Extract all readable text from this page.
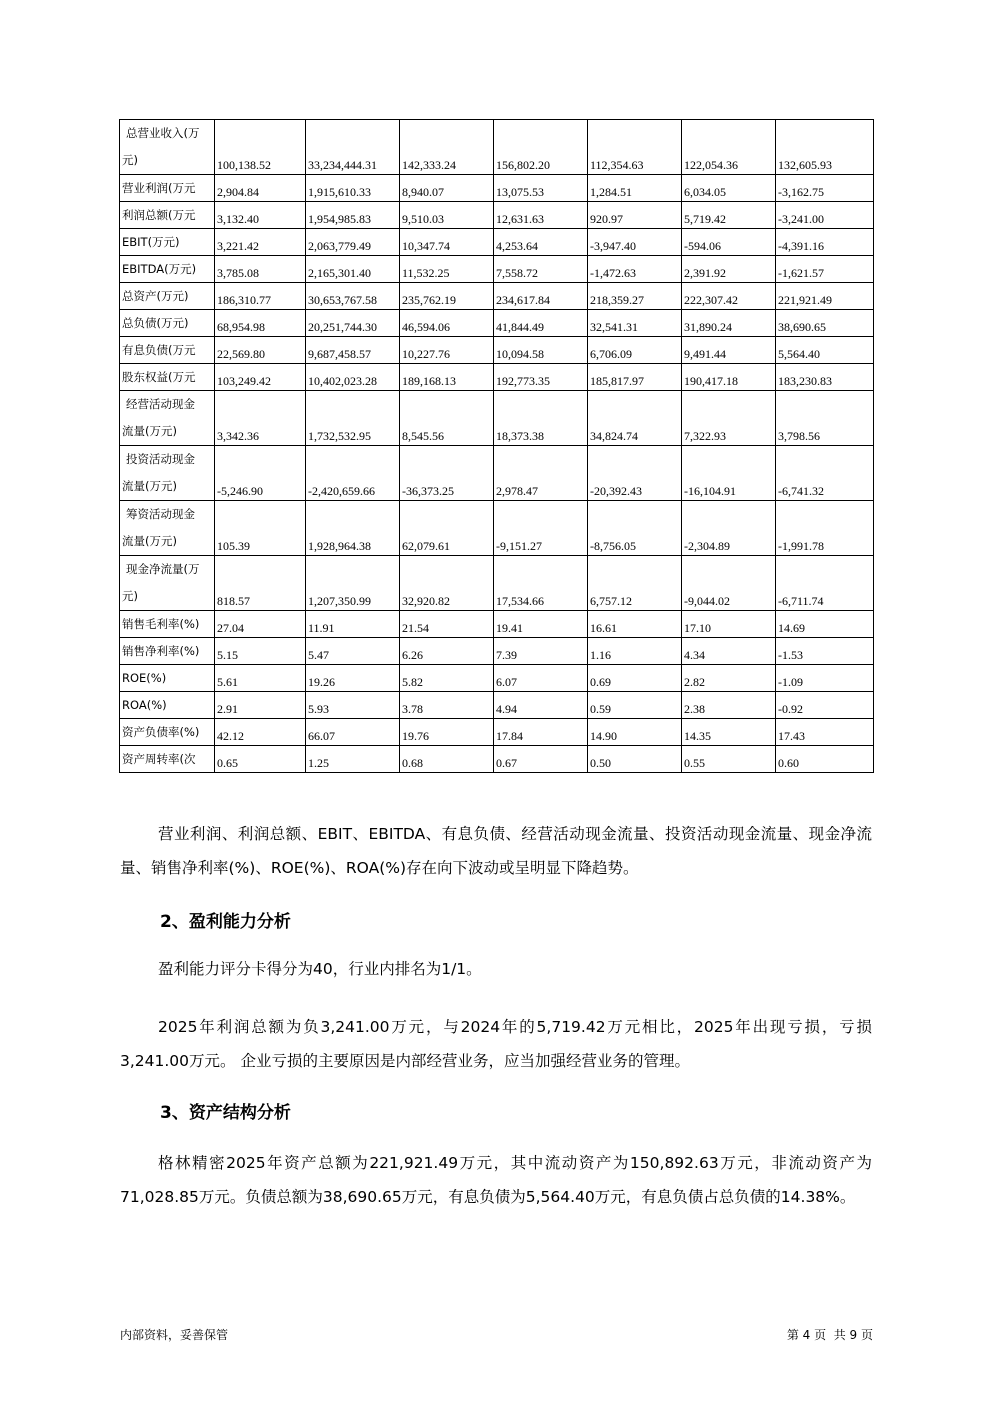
总营业收入(万
元)	100,138.52	33,234,444.31	142,333.24	156,802.20	112,354.63	122,054.36	132,605.93

营业利润(万元	2,904.84	1,915,610.33	8,940.07	13,075.53	1,284.51	6,034.05	-3,162.75

利润总额(万元	3,132.40	1,954,985.83	9,510.03	12,631.63	920.97	5,719.42	-3,241.00

EBIT(万元)	3,221.42	2,063,779.49	10,347.74	4,253.64	-3,947.40	-594.06	-4,391.16

EBITDA(万元)	3,785.08	2,165,301.40	11,532.25	7,558.72	-1,472.63	2,391.92	-1,621.57

总资产(万元)	186,310.77	30,653,767.58	235,762.19	234,617.84	218,359.27	222,307.42	221,921.49

总负债(万元)	68,954.98	20,251,744.30	46,594.06	41,844.49	32,541.31	31,890.24	38,690.65

有息负债(万元	22,569.80	9,687,458.57	10,227.76	10,094.58	6,706.09	9,491.44	5,564.40

股东权益(万元	103,249.42	10,402,023.28	189,168.13	192,773.35	185,817.97	190,417.18	183,230.83

经营活动现金
流量(万元)	3,342.36	1,732,532.95	8,545.56	18,373.38	34,824.74	7,322.93	3,798.56

投资活动现金
流量(万元)	-5,246.90	-2,420,659.66	-36,373.25	2,978.47	-20,392.43	-16,104.91	-6,741.32

筹资活动现金
流量(万元)	105.39	1,928,964.38	62,079.61	-9,151.27	-8,756.05	-2,304.89	-1,991.78

现金净流量(万
元)	818.57	1,207,350.99	32,920.82	17,534.66	6,757.12	-9,044.02	-6,711.74

销售毛利率(%)	27.04	11.91	21.54	19.41	16.61	17.10	14.69

销售净利率(%)	5.15	5.47	6.26	7.39	1.16	4.34	-1.53

ROE(%)	5.61	19.26	5.82	6.07	0.69	2.82	-1.09

ROA(%)	2.91	5.93	3.78	4.94	0.59	2.38	-0.92

资产负债率(%)	42.12	66.07	19.76	17.84	14.90	14.35	17.43

资产周转率(次	0.65	1.25	0.68	0.67	0.50	0.55	0.60
营业利润、利润总额、EBIT、EBITDA、有息负债、经营活动现金流量、投资活动现金流量、现金净流量、销售净利率(%)、ROE(%)、ROA(%)存在向下波动或呈明显下降趋势。
2、盈利能力分析
盈利能力评分卡得分为40，行业内排名为1/1。
2025年利润总额为负3,241.00万元，与2024年的5,719.42万元相比，2025年出现亏损，亏损3,241.00万元。 企业亏损的主要原因是内部经营业务，应当加强经营业务的管理。
3、资产结构分析
格林精密2025年资产总额为221,921.49万元，其中流动资产为150,892.63万元，非流动资产为71,028.85万元。负债总额为38,690.65万元，有息负债为5,564.40万元，有息负债占总负债的14.38%。
内部资料，妥善保管	第 4 页  共 9 页
